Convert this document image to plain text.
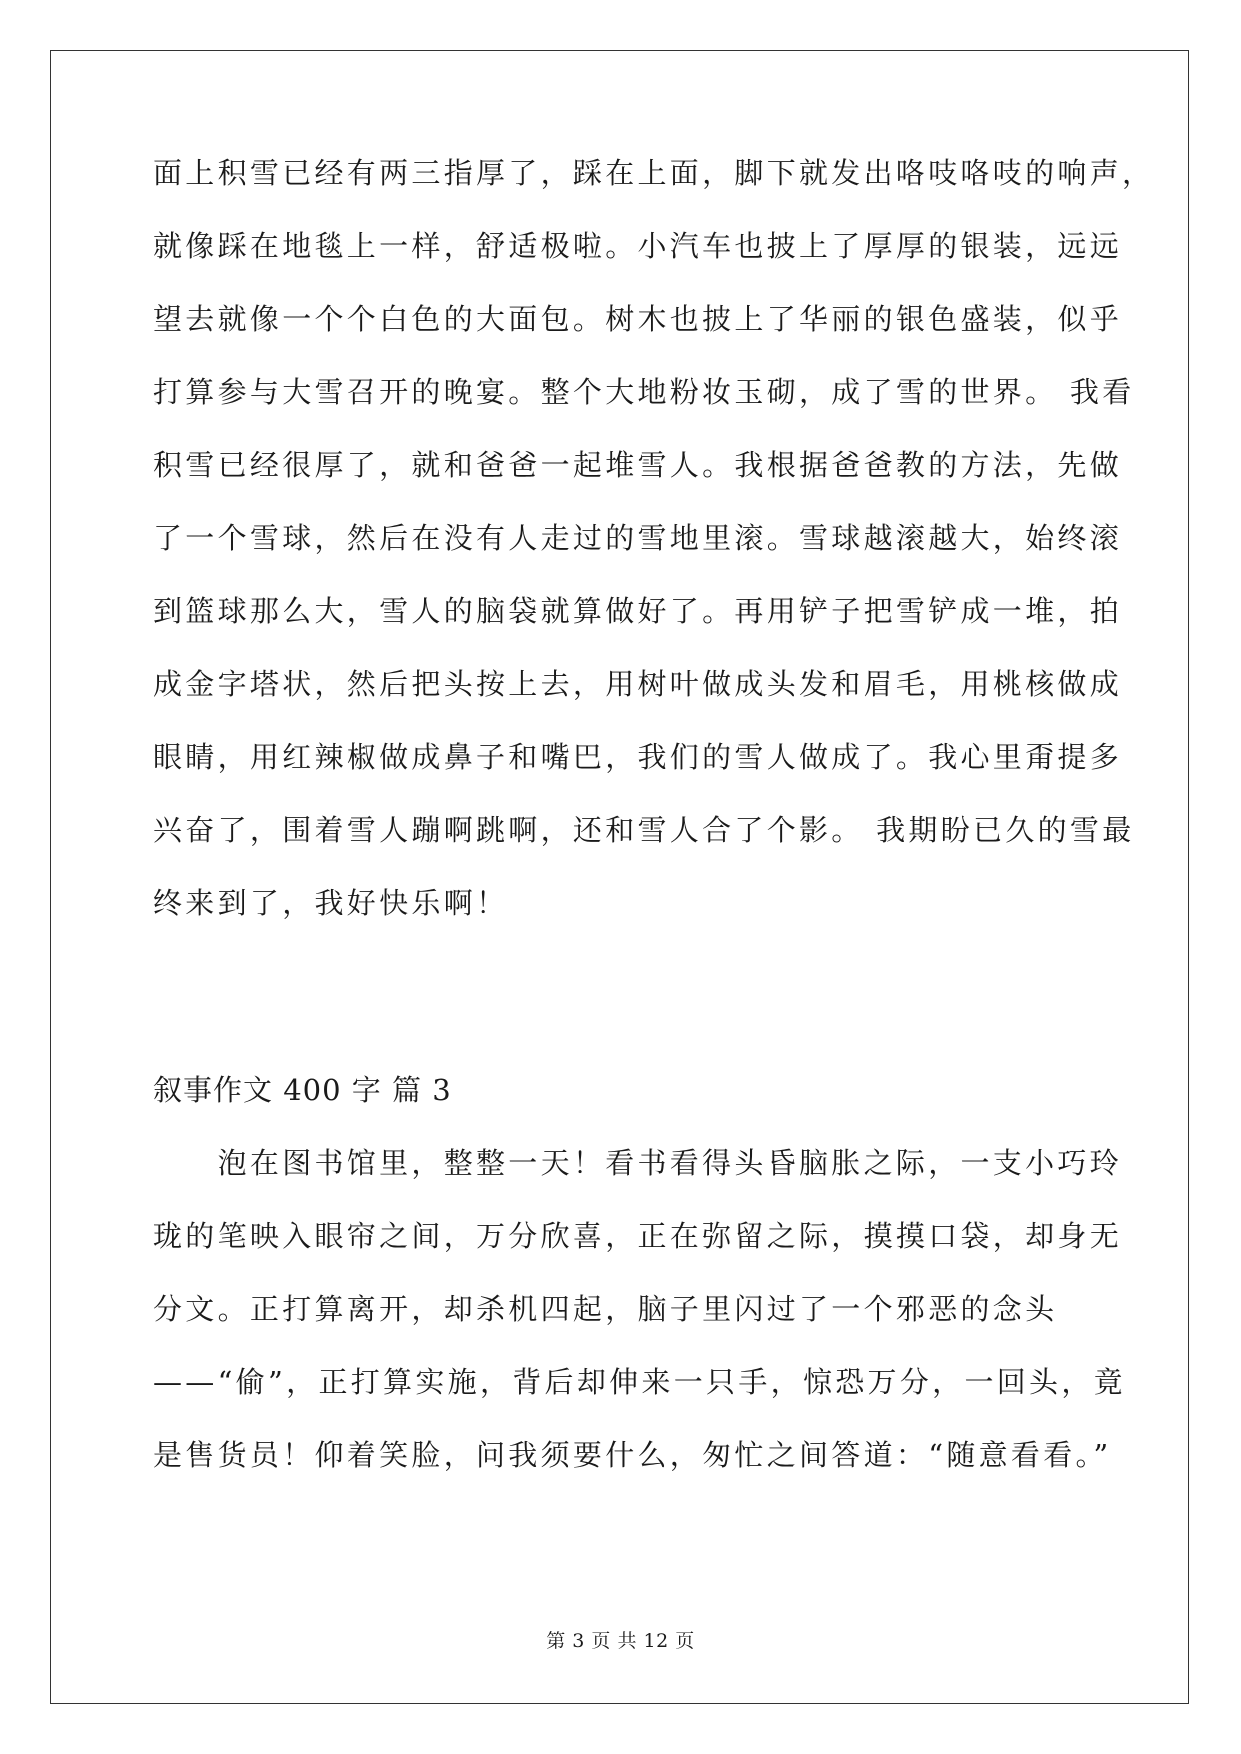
面上积雪已经有两三指厚了，踩在上面，脚下就发出咯吱咯吱的响声，
就像踩在地毯上一样，舒适极啦。小汽车也披上了厚厚的银装，远远
望去就像一个个白色的大面包。树木也披上了华丽的银色盛装，似乎
打算参与大雪召开的晚宴。整个大地粉妆玉砌，成了雪的世界。 我看
积雪已经很厚了，就和爸爸一起堆雪人。我根据爸爸教的方法，先做
了一个雪球，然后在没有人走过的雪地里滚。雪球越滚越大，始终滚
到篮球那么大，雪人的脑袋就算做好了。再用铲子把雪铲成一堆，拍
成金字塔状，然后把头按上去，用树叶做成头发和眉毛，用桃核做成
眼睛，用红辣椒做成鼻子和嘴巴，我们的雪人做成了。我心里甭提多
兴奋了，围着雪人蹦啊跳啊，还和雪人合了个影。 我期盼已久的雪最
终来到了，我好快乐啊！
叙事作文 400 字 篇 3
　　泡在图书馆里，整整一天！看书看得头昏脑胀之际，一支小巧玲
珑的笔映入眼帘之间，万分欣喜，正在弥留之际，摸摸口袋，却身无
分文。正打算离开，却杀机四起，脑子里闪过了一个邪恶的念头
——“偷”，正打算实施，背后却伸来一只手，惊恐万分，一回头，竟
是售货员！仰着笑脸，问我须要什么，匆忙之间答道：“随意看看。”
第 3 页 共 12 页
